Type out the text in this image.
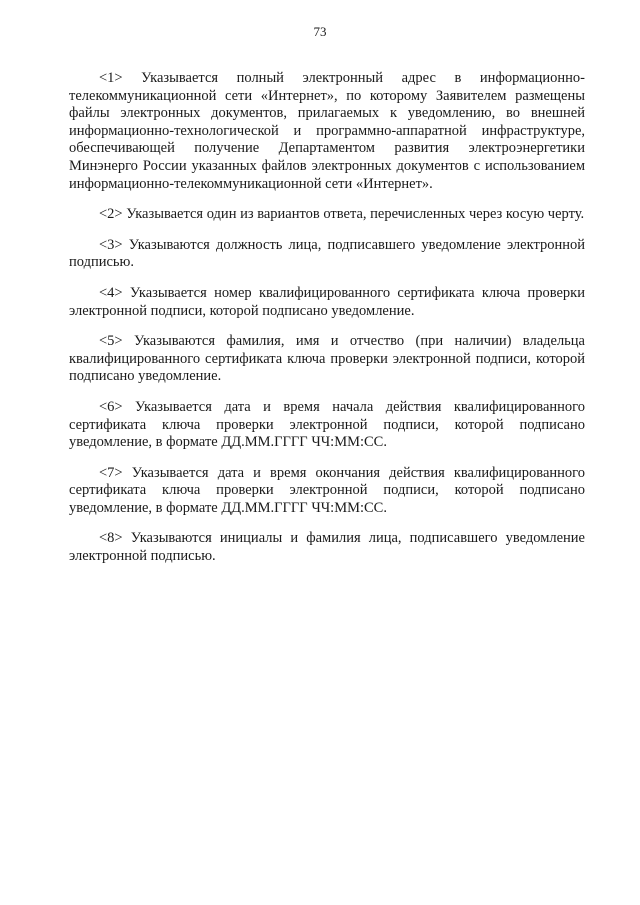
73

<1> Указывается полный электронный адрес в информационно-телекоммуникационной сети «Интернет», по которому Заявителем размещены файлы электронных документов, прилагаемых к уведомлению, во внешней информационно-технологической и программно-аппаратной инфраструктуре, обеспечивающей получение Департаментом развития электроэнергетики Минэнерго России указанных файлов электронных документов с использованием информационно-телекоммуникационной сети «Интернет».

<2> Указывается один из вариантов ответа, перечисленных через косую черту.

<3> Указываются должность лица, подписавшего уведомление электронной подписью.

<4> Указывается номер квалифицированного сертификата ключа проверки электронной подписи, которой подписано уведомление.

<5> Указываются фамилия, имя и отчество (при наличии) владельца квалифицированного сертификата ключа проверки электронной подписи, которой подписано уведомление.

<6> Указывается дата и время начала действия квалифицированного сертификата ключа проверки электронной подписи, которой подписано уведомление, в формате ДД.ММ.ГГГГ ЧЧ:ММ:СС.

<7> Указывается дата и время окончания действия квалифицированного сертификата ключа проверки электронной подписи, которой подписано уведомление, в формате ДД.ММ.ГГГГ ЧЧ:ММ:СС.

<8> Указываются инициалы и фамилия лица, подписавшего уведомление электронной подписью.
